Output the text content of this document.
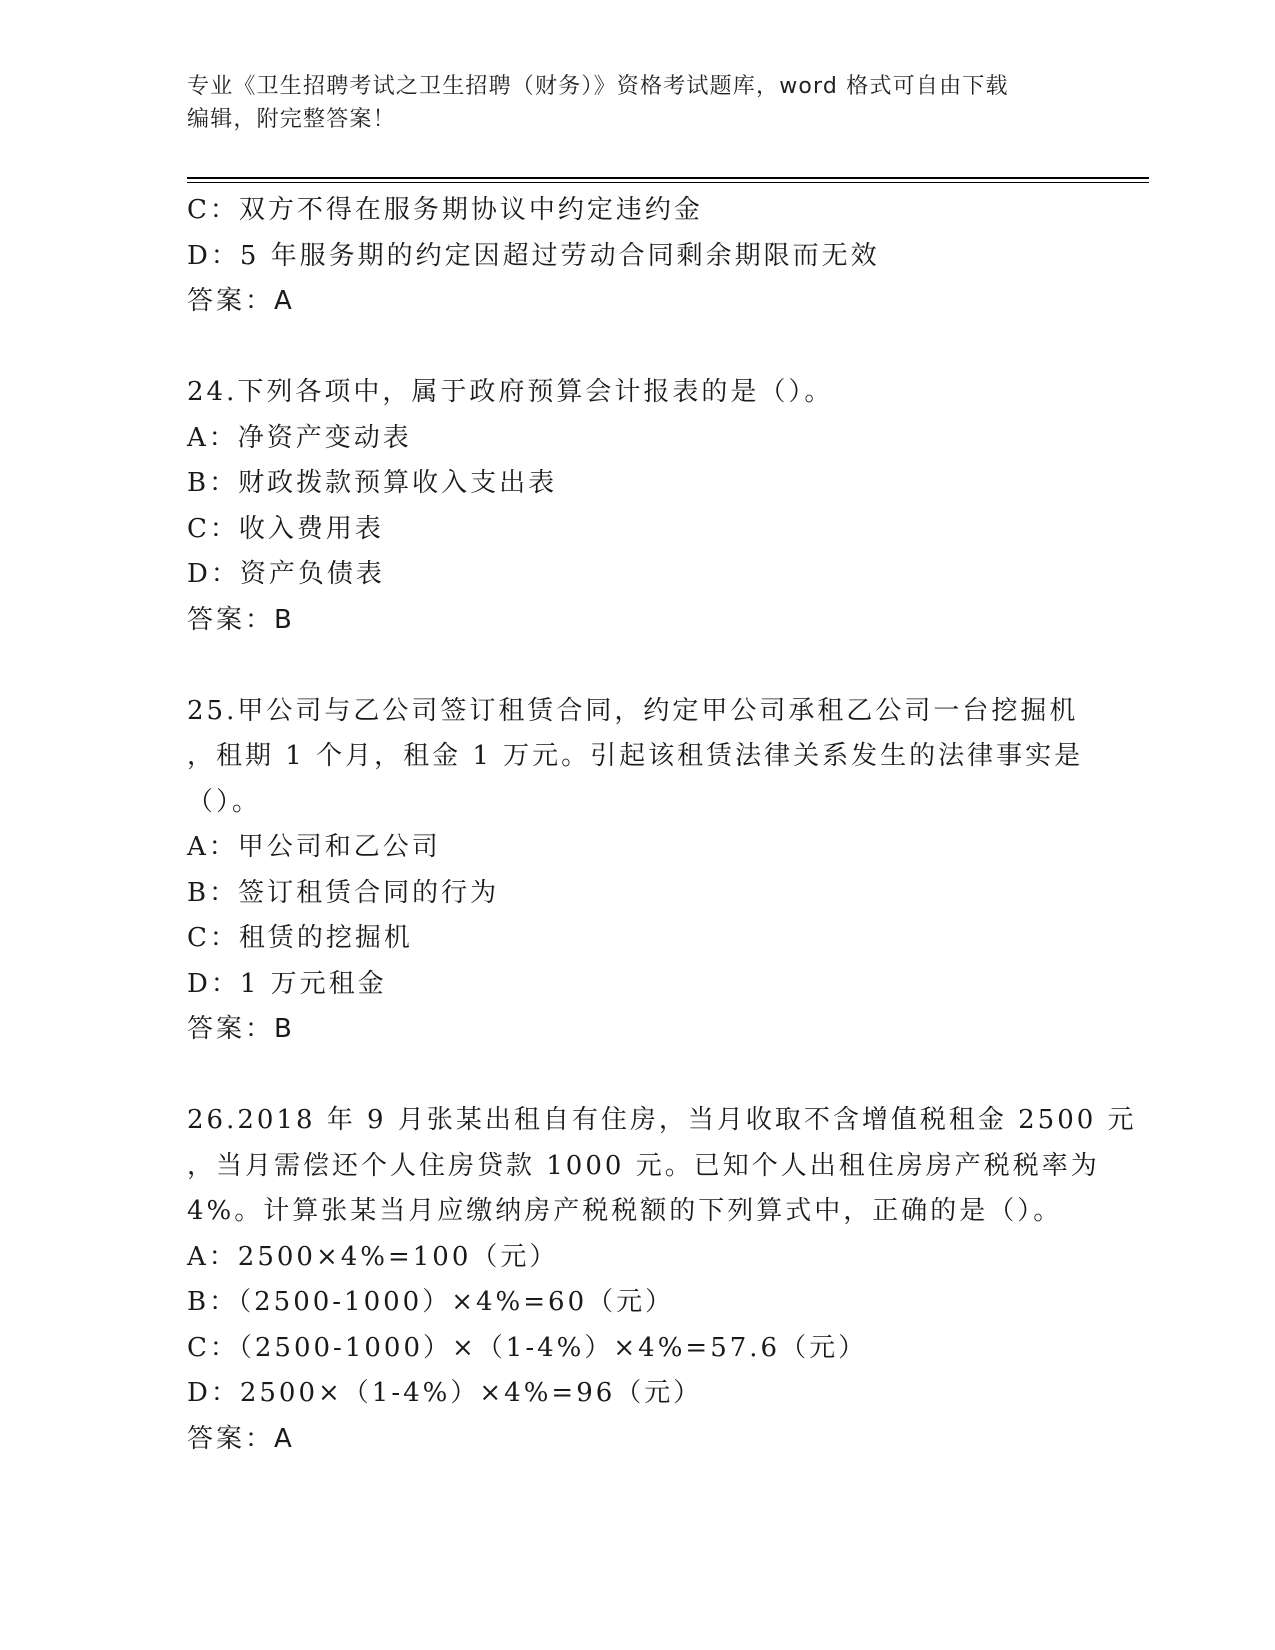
专业《卫生招聘考试之卫生招聘（财务）》资格考试题库，word 格式可自由下载
编辑，附完整答案！
C：双方不得在服务期协议中约定违约金
D：5 年服务期的约定因超过劳动合同剩余期限而无效
答案：A
24.下列各项中，属于政府预算会计报表的是（）。
A：净资产变动表
B：财政拨款预算收入支出表
C：收入费用表
D：资产负债表
答案：B
25.甲公司与乙公司签订租赁合同，约定甲公司承租乙公司一台挖掘机
，租期 1 个月，租金 1 万元。引起该租赁法律关系发生的法律事实是
（）。
A：甲公司和乙公司
B：签订租赁合同的行为
C：租赁的挖掘机
D：1 万元租金
答案：B
26.2018 年 9 月张某出租自有住房，当月收取不含增值税租金 2500 元
，当月需偿还个人住房贷款 1000 元。已知个人出租住房房产税税率为
4%。计算张某当月应缴纳房产税税额的下列算式中，正确的是（）。
A：2500×4%=100（元）
B：（2500-1000）×4%=60（元）
C：（2500-1000）×（1-4%）×4%=57.6（元）
D：2500×（1-4%）×4%=96（元）
答案：A
